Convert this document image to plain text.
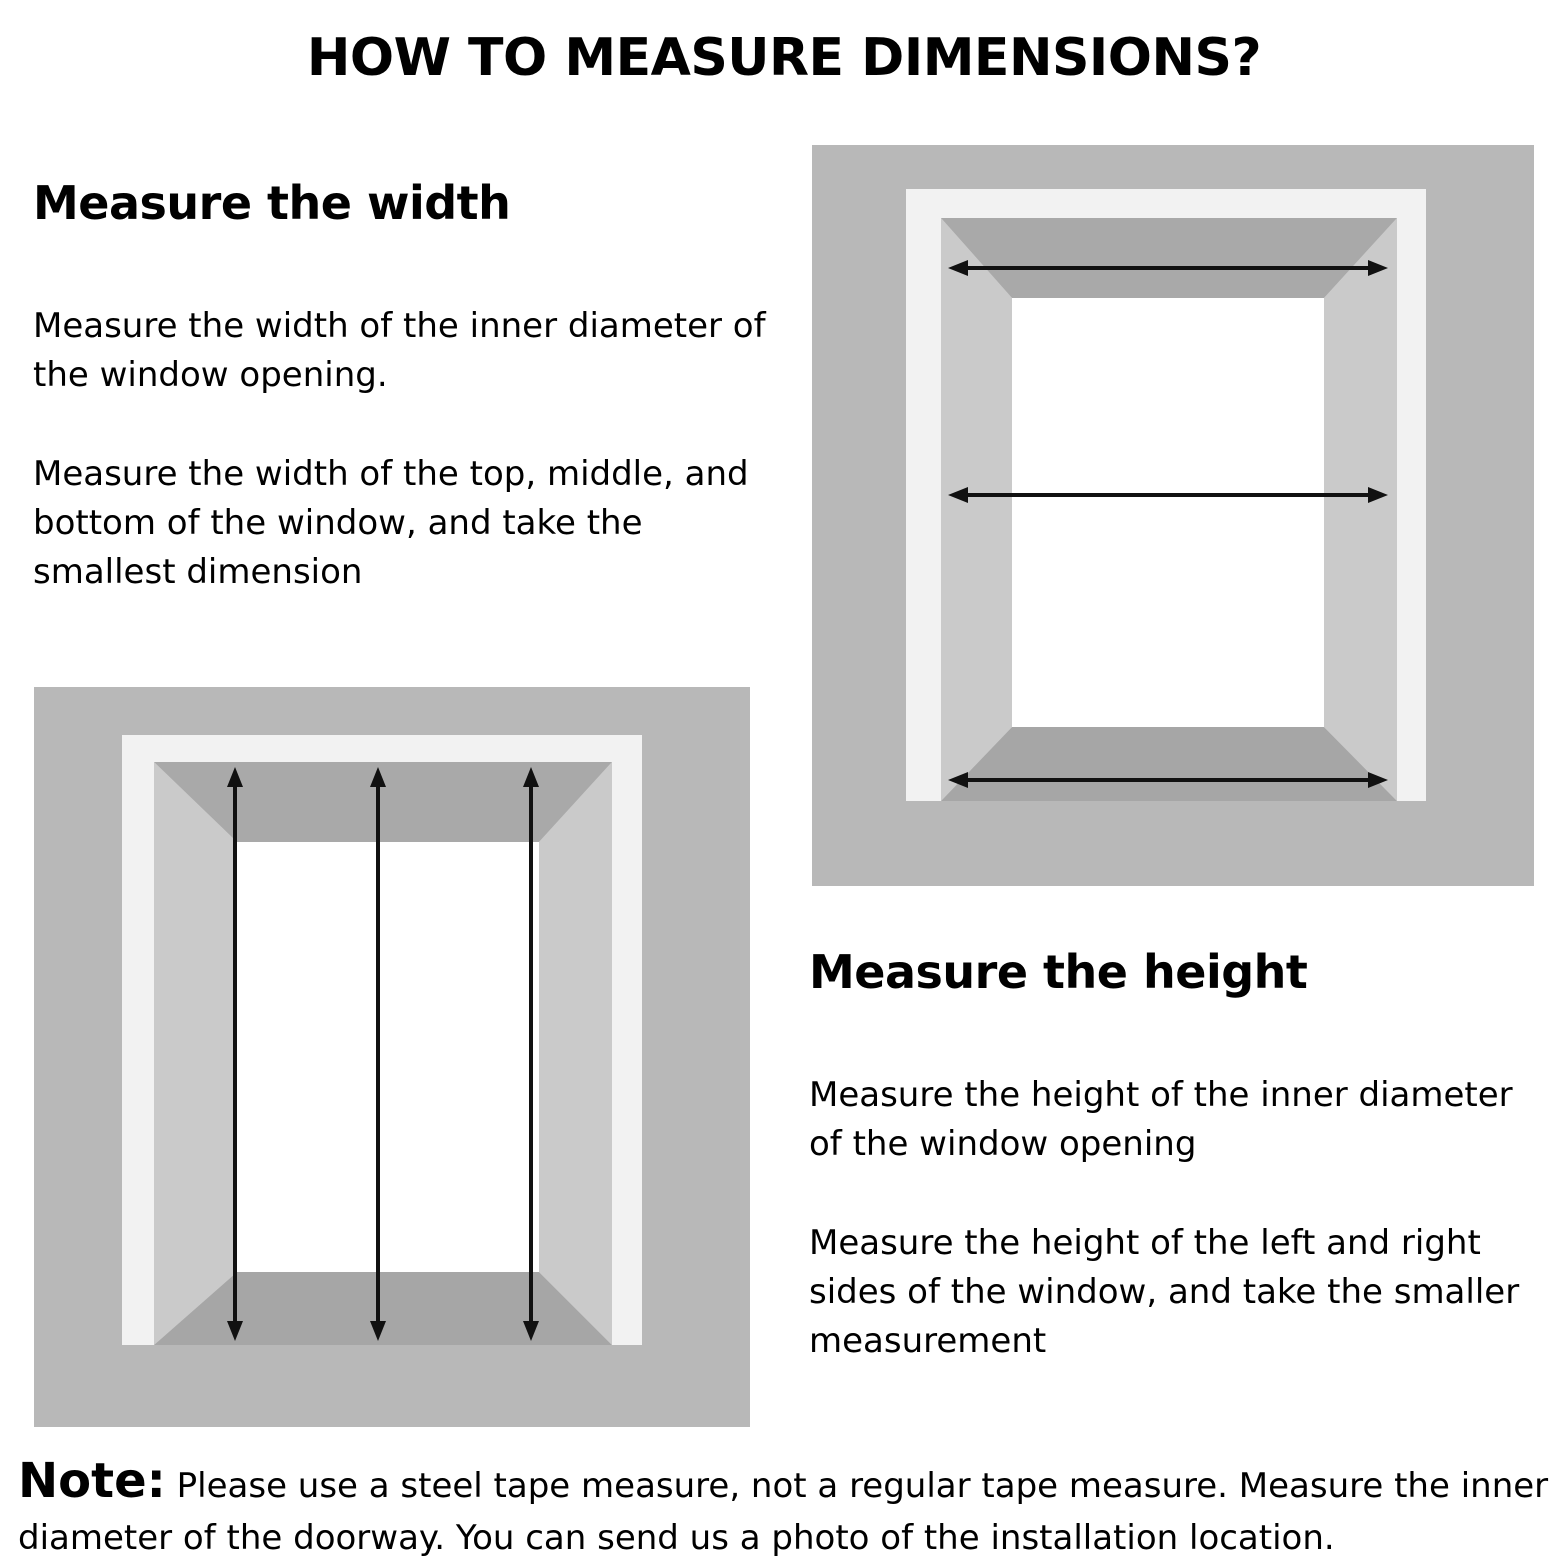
HOW TO MEASURE DIMENSIONS?
Measure the width

Measure the width of the inner diameter of the window opening.

Measure the width of the top, middle, and bottom of the window, and take the smallest dimension

Measure the height

Measure the height of the inner diameter of the window opening

Measure the height of the left and right sides of the window, and take the smaller measurement

Note: Please use a steel tape measure, not a regular tape measure. Measure the inner diameter of the doorway. You can send us a photo of the installation location.
